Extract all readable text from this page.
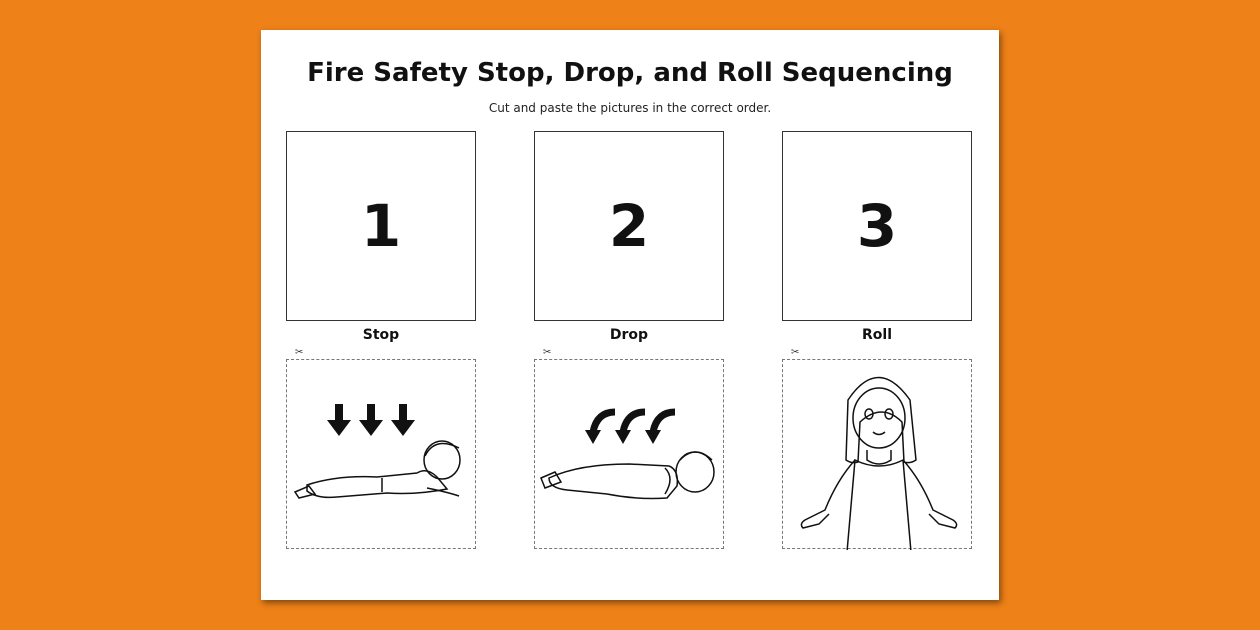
Fire Safety Stop, Drop, and Roll Sequencing
Cut and paste the pictures in the correct order.
1	2	3
Stop	Drop	Roll
✂	✂	✂
